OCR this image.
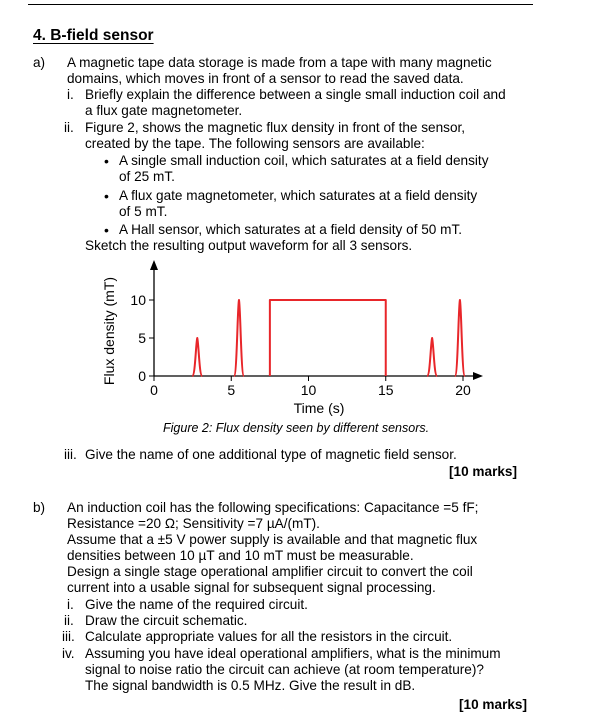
4. B-field sensor
a) A magnetic tape data storage is made from a tape with many magnetic
domains, which moves in front of a sensor to read the saved data.
i. Briefly explain the difference between a single small induction coil and
a flux gate magnetometer.
ii. Figure 2, shows the magnetic flux density in front of the sensor,
created by the tape. The following sensors are available:
• A single small induction coil, which saturates at a field density
of 25 mT.
• A flux gate magnetometer, which saturates at a field density
of 5 mT.
• A Hall sensor, which saturates at a field density of 50 mT.
Sketch the resulting output waveform for all 3 sensors.
0	5	10	15	20
0
5
10
Flux density (mT)
Time (s)
Figure 2: Flux density seen by different sensors.
iii. Give the name of one additional type of magnetic field sensor.
[10 marks]
b) An induction coil has the following specifications: Capacitance =5 fF;
Resistance =20 Ω; Sensitivity =7 µA/(mT).
Assume that a ±5 V power supply is available and that magnetic flux
densities between 10 µT and 10 mT must be measurable.
Design a single stage operational amplifier circuit to convert the coil
current into a usable signal for subsequent signal processing.
i. Give the name of the required circuit.
ii. Draw the circuit schematic.
iii. Calculate appropriate values for all the resistors in the circuit.
iv. Assuming you have ideal operational amplifiers, what is the minimum
signal to noise ratio the circuit can achieve (at room temperature)?
The signal bandwidth is 0.5 MHz. Give the result in dB.
[10 marks]
